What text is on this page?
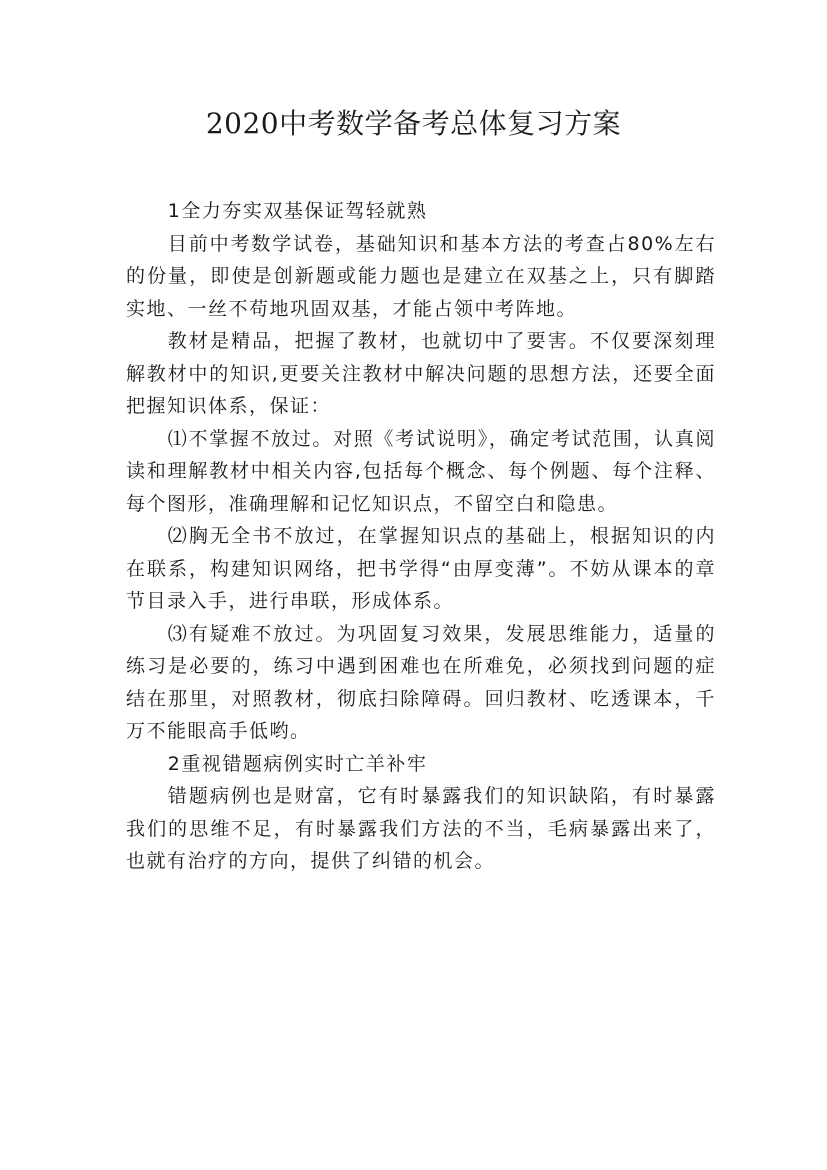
2020中考数学备考总体复习方案

1全力夯实双基保证驾轻就熟

目前中考数学试卷，基础知识和基本方法的考查占80%左右的份量，即使是创新题或能力题也是建立在双基之上，只有脚踏实地、一丝不苟地巩固双基，才能占领中考阵地。

教材是精品，把握了教材，也就切中了要害。不仅要深刻理解教材中的知识,更要关注教材中解决问题的思想方法，还要全面把握知识体系，保证：

⑴不掌握不放过。对照《考试说明》，确定考试范围，认真阅读和理解教材中相关内容,包括每个概念、每个例题、每个注释、每个图形，准确理解和记忆知识点，不留空白和隐患。

⑵胸无全书不放过，在掌握知识点的基础上，根据知识的内在联系，构建知识网络，把书学得“由厚变薄”。不妨从课本的章节目录入手，进行串联，形成体系。

⑶有疑难不放过。为巩固复习效果，发展思维能力，适量的练习是必要的，练习中遇到困难也在所难免，必须找到问题的症结在那里，对照教材，彻底扫除障碍。回归教材、吃透课本，千万不能眼高手低哟。

2重视错题病例实时亡羊补牢

错题病例也是财富，它有时暴露我们的知识缺陷，有时暴露我们的思维不足，有时暴露我们方法的不当，毛病暴露出来了，也就有治疗的方向，提供了纠错的机会。
